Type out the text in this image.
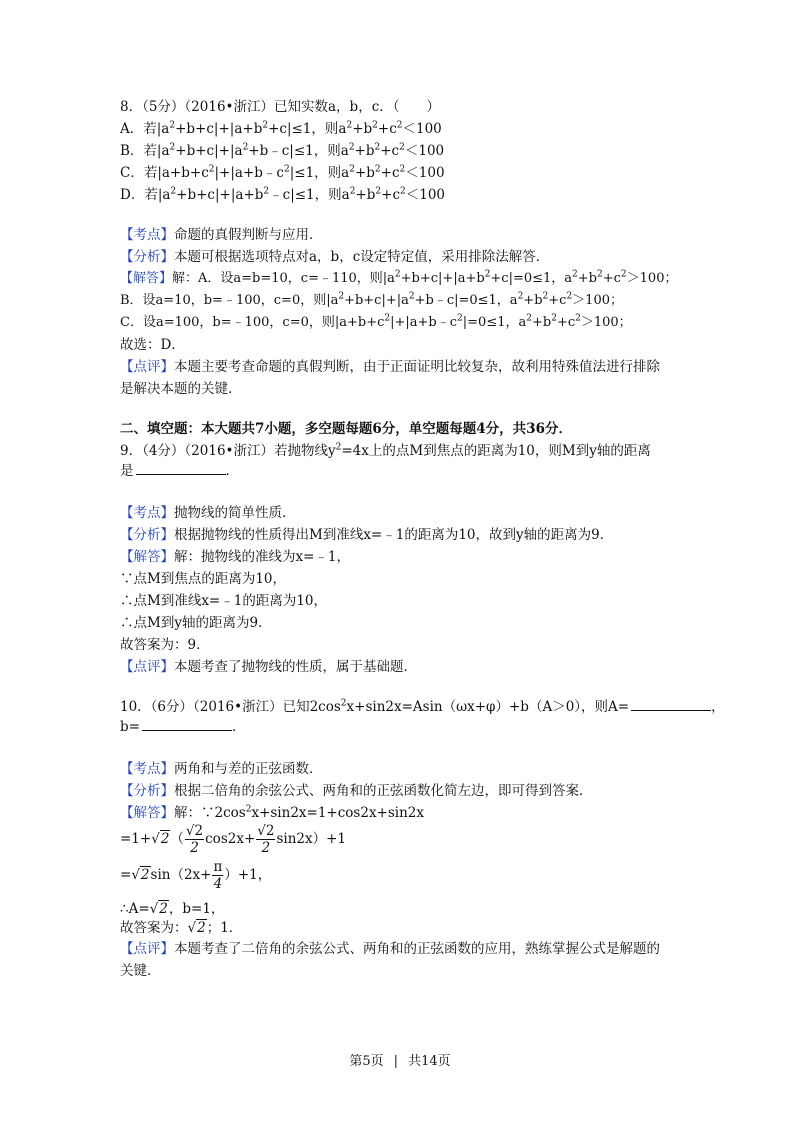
8．（5分）（2016•浙江）已知实数a，b，c．（　　）
A．若$|a^2+b+c|+|a+b^2+c|\le 1$，则$a^2+b^2+c^2<100$
B．若$|a^2+b+c|+|a^2+b﹣c|\le 1$，则$a^2+b^2+c^2<100$
C．若$|a+b+c^2|+|a+b﹣c^2|\le 1$，则$a^2+b^2+c^2<100$
D．若$|a^2+b+c|+|a+b^2﹣c|\le 1$，则$a^2+b^2+c^2<100$
【考点】命题的真假判断与应用．
【分析】本题可根据选项特点对a，b，c设定特定值，采用排除法解答．
【解答】解：A．设a=b=10，c=﹣110，则$|a^2+b+c|+|a+b^2+c|=0\le 1$，$a^2+b^2+c^2>100$；
B．设a=10，b=﹣100，c=0，则$|a^2+b+c|+|a^2+b﹣c|=0\le 1$，$a^2+b^2+c^2>100$；
C．设a=100，b=﹣100，c=0，则$|a+b+c^2|+|a+b﹣c^2|=0\le 1$，$a^2+b^2+c^2>100$；
故选：D．
【点评】本题主要考查命题的真假判断，由于正面证明比较复杂，故利用特殊值法进行排除
是解决本题的关键．
二、填空题：本大题共7小题，多空题每题6分，单空题每题4分，共36分．
9．（4分）（2016•浙江）若抛物线$y^2=4x$上的点M到焦点的距离为10，则M到y轴的距离
是	．
【考点】抛物线的简单性质．
【分析】根据抛物线的性质得出M到准线x=﹣1的距离为10，故到y轴的距离为9．
【解答】解：抛物线的准线为x=﹣1，
∵点M到焦点的距离为10，
∴点M到准线x=﹣1的距离为10，
∴点M到y轴的距离为9．
故答案为：9．
【点评】本题考查了抛物线的性质，属于基础题．
10．（6分）（2016•浙江）已知$2\cos^2x+\sin 2x=Asin(\omega x+\varphi)+b(A>0)$，则A=	，
b=	．
【考点】两角和与差的正弦函数．
【分析】根据二倍角的余弦公式、两角和的正弦函数化简左边，即可得到答案．
【解答】解：$\because 2\cos^2x+\sin 2x=1+\cos 2x+\sin 2x$
$=1+√2( \frac{√2}{2} \cos 2x+ \frac{√2}{2} \sin 2x)+1$
$=√2\sin(2x+ \frac{\pi}{4} )+1$，
∴A=√2，b=1，
故答案为：√2；1．
【点评】本题考查了二倍角的余弦公式、两角和的正弦函数的应用，熟练掌握公式是解题的
关键．
第5页 | 共14页
